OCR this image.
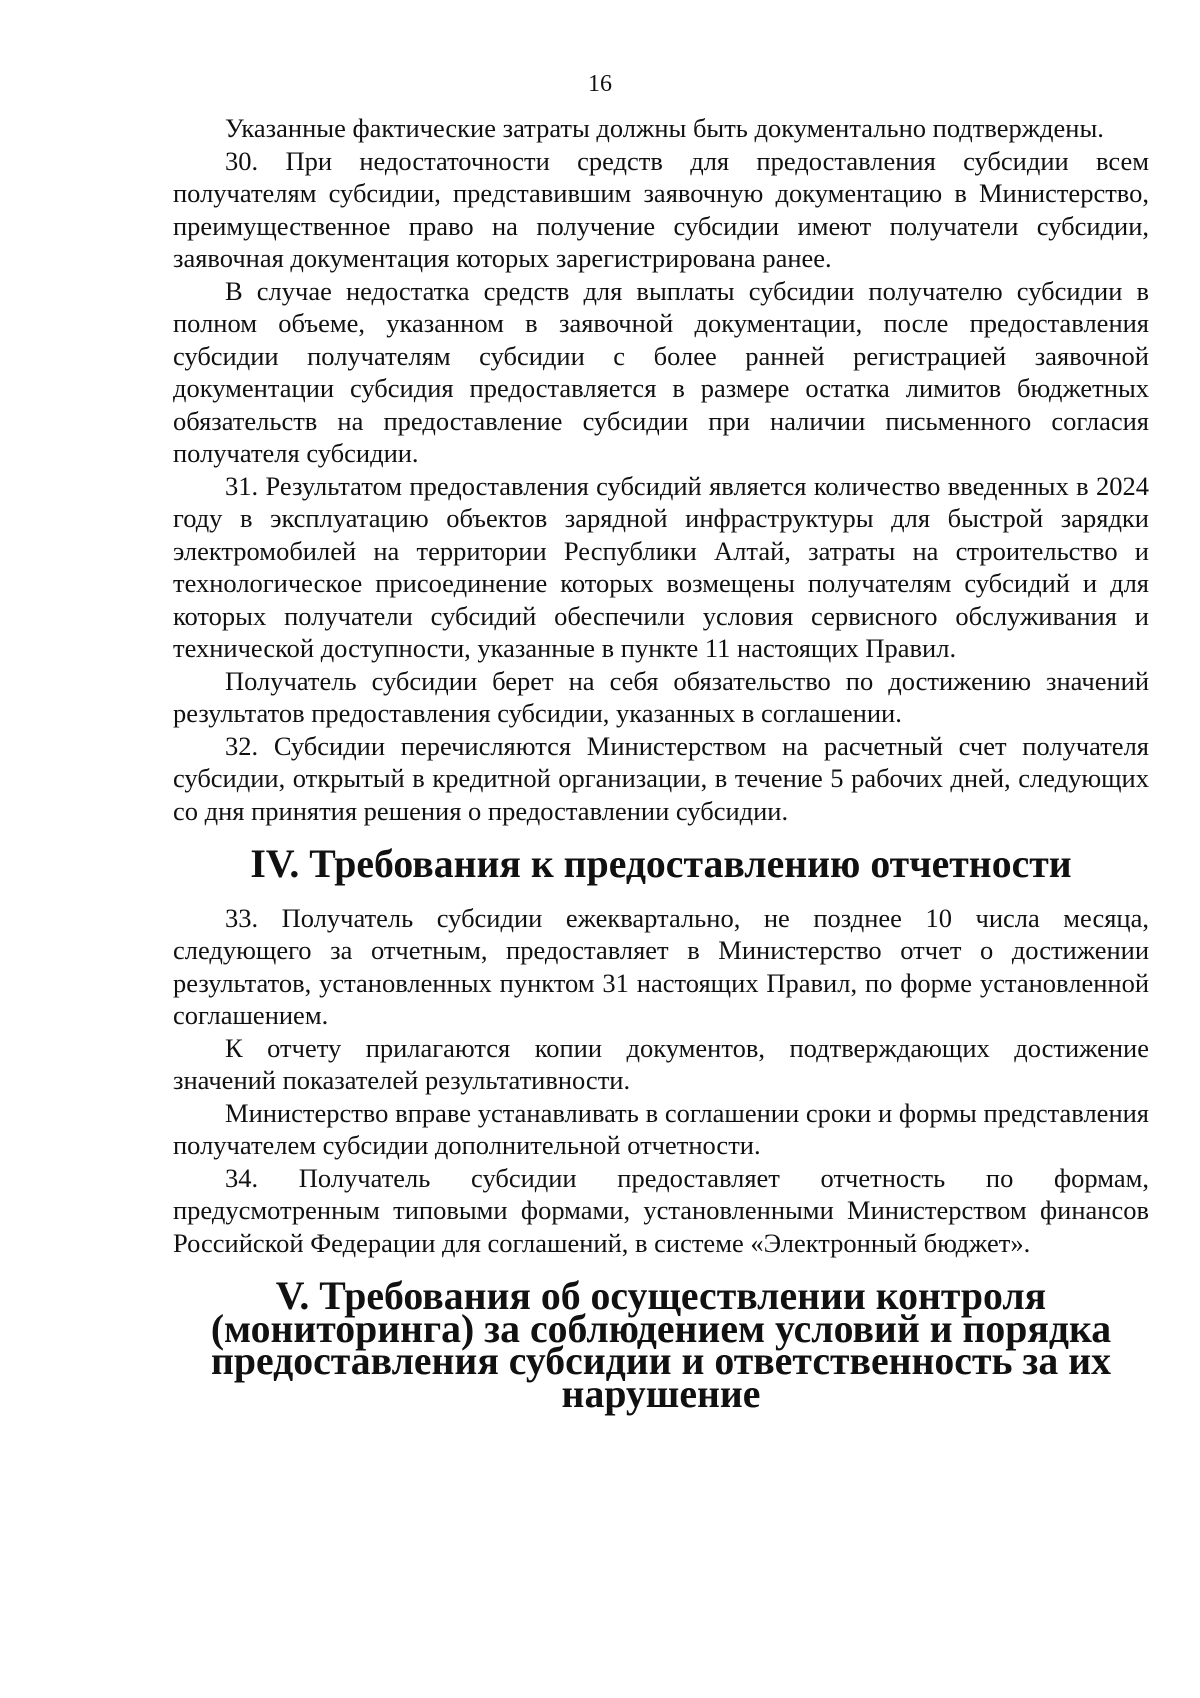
16

Указанные фактические затраты должны быть документально подтверждены.

30. При недостаточности средств для предоставления субсидии всем получателям субсидии, представившим заявочную документацию в Министерство, преимущественное право на получение субсидии имеют получатели субсидии, заявочная документация которых зарегистрирована ранее.

В случае недостатка средств для выплаты субсидии получателю субсидии в полном объеме, указанном в заявочной документации, после предоставления субсидии получателям субсидии с более ранней регистрацией заявочной документации субсидия предоставляется в размере остатка лимитов бюджетных обязательств на предоставление субсидии при наличии письменного согласия получателя субсидии.

31. Результатом предоставления субсидий является количество введенных в 2024 году в эксплуатацию объектов зарядной инфраструктуры для быстрой зарядки электромобилей на территории Республики Алтай, затраты на строительство и технологическое присоединение которых возмещены получателям субсидий и для которых получатели субсидий обеспечили условия сервисного обслуживания и технической доступности, указанные в пункте 11 настоящих Правил.

Получатель субсидии берет на себя обязательство по достижению значений результатов предоставления субсидии, указанных в соглашении.

32. Субсидии перечисляются Министерством на расчетный счет получателя субсидии, открытый в кредитной организации, в течение 5 рабочих дней, следующих со дня принятия решения о предоставлении субсидии.

IV. Требования к предоставлению отчетности

33. Получатель субсидии ежеквартально, не позднее 10 числа месяца, следующего за отчетным, предоставляет в Министерство отчет о достижении результатов, установленных пунктом 31 настоящих Правил, по форме установленной соглашением.

К отчету прилагаются копии документов, подтверждающих достижение значений показателей результативности.

Министерство вправе устанавливать в соглашении сроки и формы представления получателем субсидии дополнительной отчетности.

34. Получатель субсидии предоставляет отчетность по формам, предусмотренным типовыми формами, установленными Министерством финансов Российской Федерации для соглашений, в системе «Электронный бюджет».

V. Требования об осуществлении контроля (мониторинга) за соблюдением условий и порядка предоставления субсидии и ответственность за их нарушение
